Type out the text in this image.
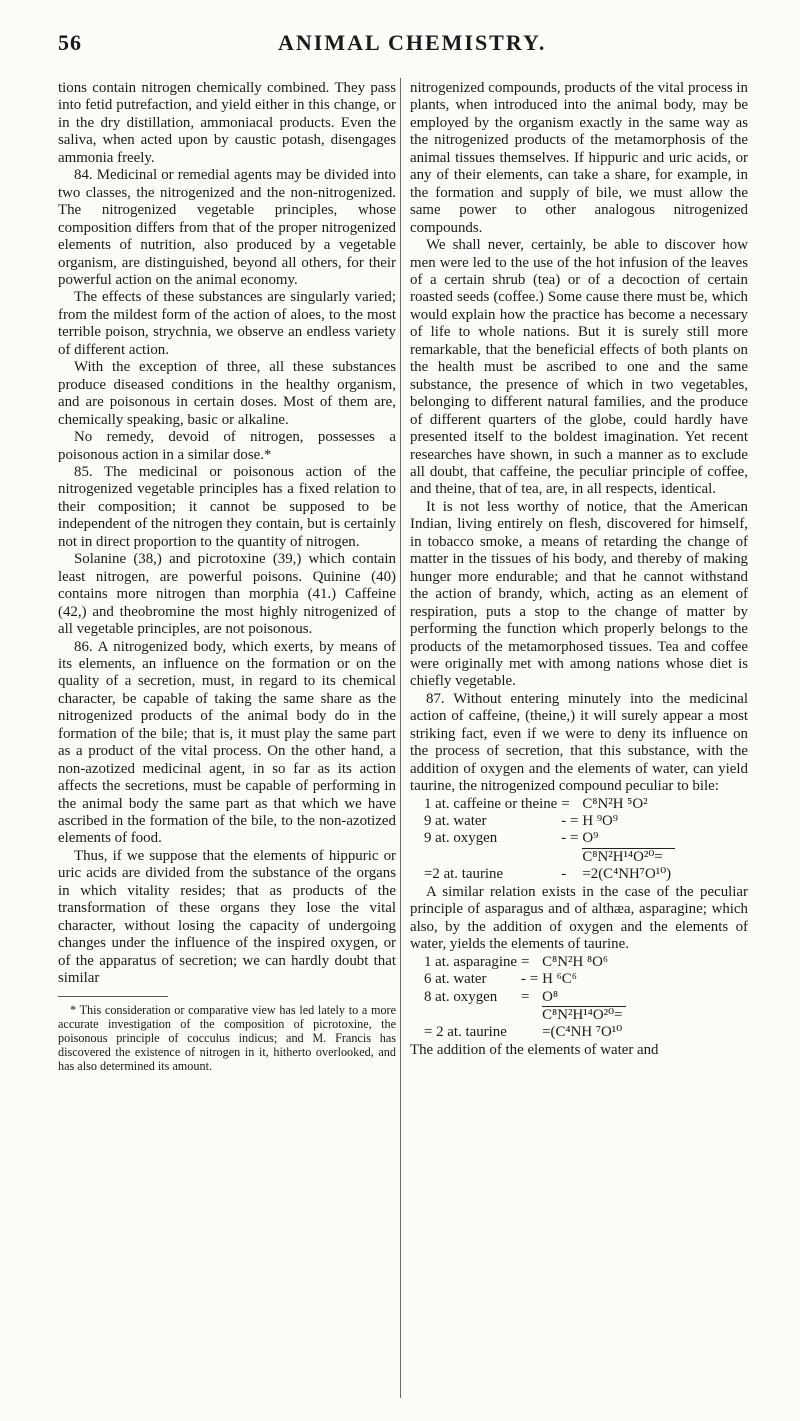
56	ANIMAL CHEMISTRY.

tions contain nitrogen chemically combined. They pass into fetid putrefaction, and yield either in this change, or in the dry distillation, ammoniacal products. Even the saliva, when acted upon by caustic potash, disengages ammonia freely.

84. Medicinal or remedial agents may be divided into two classes, the nitrogenized and the non-nitrogenized. The nitrogenized vegetable principles, whose composition differs from that of the proper nitrogenized elements of nutrition, also produced by a vegetable organism, are distinguished, beyond all others, for their powerful action on the animal economy.

The effects of these substances are singularly varied; from the mildest form of the action of aloes, to the most terrible poison, strychnia, we observe an endless variety of different action.

With the exception of three, all these substances produce diseased conditions in the healthy organism, and are poisonous in certain doses. Most of them are, chemically speaking, basic or alkaline.

No remedy, devoid of nitrogen, possesses a poisonous action in a similar dose.*

85. The medicinal or poisonous action of the nitrogenized vegetable principles has a fixed relation to their composition; it cannot be supposed to be independent of the nitrogen they contain, but is certainly not in direct proportion to the quantity of nitrogen.

Solanine (38,) and picrotoxine (39,) which contain least nitrogen, are powerful poisons. Quinine (40) contains more nitrogen than morphia (41.) Caffeine (42,) and theobromine the most highly nitrogenized of all vegetable principles, are not poisonous.

86. A nitrogenized body, which exerts, by means of its elements, an influence on the formation or on the quality of a secretion, must, in regard to its chemical character, be capable of taking the same share as the nitrogenized products of the animal body do in the formation of the bile; that is, it must play the same part as a product of the vital process. On the other hand, a non-azotized medicinal agent, in so far as its action affects the secretions, must be capable of performing in the animal body the same part as that which we have ascribed in the formation of the bile, to the non-azotized elements of food.

Thus, if we suppose that the elements of hippuric or uric acids are divided from the substance of the organs in which vitality resides; that as products of the transformation of these organs they lose the vital character, without losing the capacity of undergoing changes under the influence of the inspired oxygen, or of the apparatus of secretion; we can hardly doubt that similar

* This consideration or comparative view has led lately to a more accurate investigation of the composition of picrotoxine, the poisonous principle of cocculus indicus; and M. Francis has discovered the existence of nitrogen in it, hitherto overlooked, and has also determined its amount.

nitrogenized compounds, products of the vital process in plants, when introduced into the animal body, may be employed by the organism exactly in the same way as the nitrogenized products of the metamorphosis of the animal tissues themselves. If hippuric and uric acids, or any of their elements, can take a share, for example, in the formation and supply of bile, we must allow the same power to other analogous nitrogenized compounds.

We shall never, certainly, be able to discover how men were led to the use of the hot infusion of the leaves of a certain shrub (tea) or of a decoction of certain roasted seeds (coffee.) Some cause there must be, which would explain how the practice has become a necessary of life to whole nations. But it is surely still more remarkable, that the beneficial effects of both plants on the health must be ascribed to one and the same substance, the presence of which in two vegetables, belonging to different natural families, and the produce of different quarters of the globe, could hardly have presented itself to the boldest imagination. Yet recent researches have shown, in such a manner as to exclude all doubt, that caffeine, the peculiar principle of coffee, and theine, that of tea, are, in all respects, identical.

It is not less worthy of notice, that the American Indian, living entirely on flesh, discovered for himself, in tobacco smoke, a means of retarding the change of matter in the tissues of his body, and thereby of making hunger more endurable; and that he cannot withstand the action of brandy, which, acting as an element of respiration, puts a stop to the change of matter by performing the function which properly belongs to the products of the metamorphosed tissues. Tea and coffee were originally met with among nations whose diet is chiefly vegetable.

87. Without entering minutely into the medicinal action of caffeine, (theine,) it will surely appear a most striking fact, even if we were to deny its influence on the process of secretion, that this substance, with the addition of oxygen and the elements of water, can yield taurine, the nitrogenized compound peculiar to bile:

1 at. caffeine or theine	=	C⁸N²H ⁵O²
9 at. water	- =	H ⁹O⁹
9 at. oxygen	- =	O⁹
		C⁸N²H¹⁴O²⁰=
=2 at. taurine	-	=2(C⁴NH⁷O¹⁰)

A similar relation exists in the case of the peculiar principle of asparagus and of althæa, asparagine; which also, by the addition of oxygen and the elements of water, yields the elements of taurine.

1 at. asparagine	=	C⁸N²H ⁸O⁶
6 at. water	- =	H ⁶C⁶
8 at. oxygen	=	O⁸
		C⁸N²H¹⁴O²⁰=
= 2 at. taurine		=(C⁴NH ⁷O¹⁰

The addition of the elements of water and
